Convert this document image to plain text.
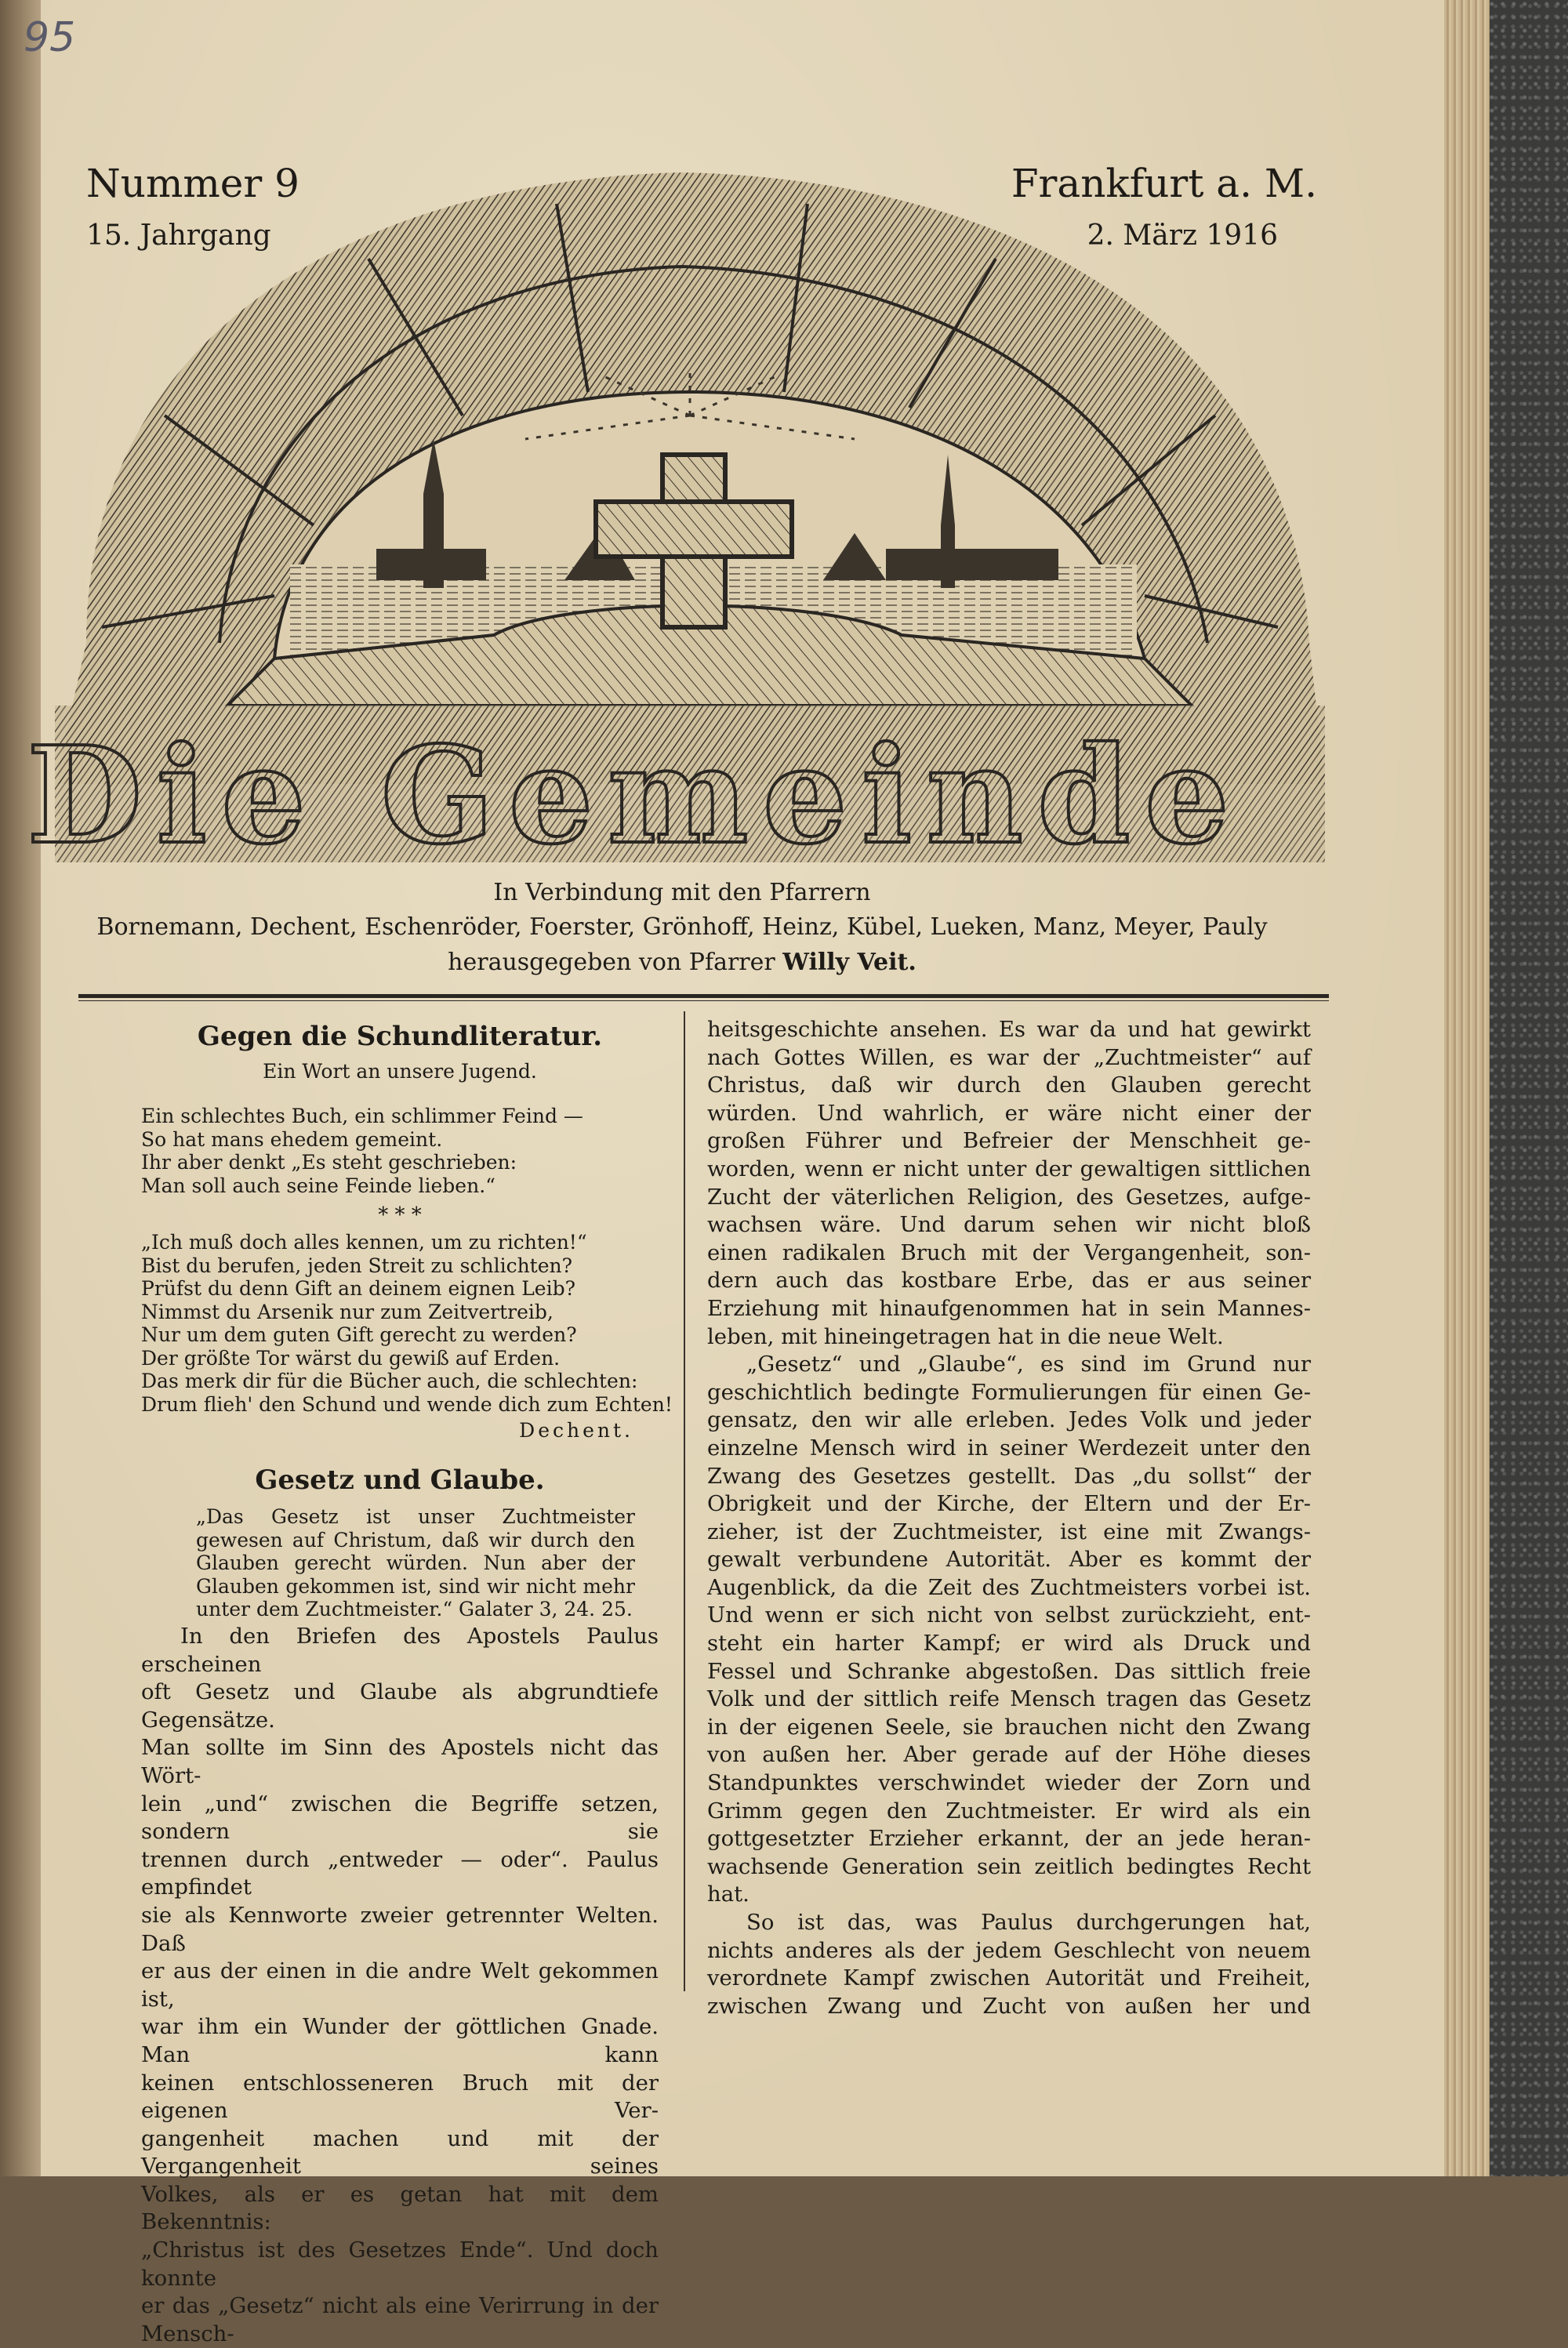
95
Die Gemeinde
Nummer 9
15. Jahrgang
Frankfurt a. M.
2. März 1916
In Verbindung mit den Pfarrern
Bornemann, Dechent, Eschenröder, Foerster, Grönhoff, Heinz, Kübel, Lueken, Manz, Meyer, Pauly
herausgegeben von Pfarrer Willy Veit.
Gegen die Schundliteratur.
Ein Wort an unsere Jugend.
Ein schlechtes Buch, ein schlimmer Feind —
So hat mans ehedem gemeint.
Ihr aber denkt „Es steht geschrieben:
Man soll auch seine Feinde lieben.“
* * *
„Ich muß doch alles kennen, um zu richten!“
Bist du berufen, jeden Streit zu schlichten?
Prüfst du denn Gift an deinem eignen Leib?
Nimmst du Arsenik nur zum Zeitvertreib,
Nur um dem guten Gift gerecht zu werden?
Der größte Tor wärst du gewiß auf Erden.
Das merk dir für die Bücher auch, die schlechten:
Drum flieh' den Schund und wende dich zum Echten!
Dechent.
Gesetz und Glaube.
„Das Gesetz ist unser Zuchtmeister gewesen auf Christum, daß wir durch den Glauben gerecht würden. Nun aber der Glauben gekommen ist, sind wir nicht mehr unter dem Zuchtmeister.“ Galater 3, 24. 25.
In den Briefen des Apostels Paulus erscheinen
oft Gesetz und Glaube als abgrundtiefe Gegensätze.
Man sollte im Sinn des Apostels nicht das Wört-
lein „und“ zwischen die Begriffe setzen, sondern sie
trennen durch „entweder — oder“. Paulus empfindet
sie als Kennworte zweier getrennter Welten. Daß
er aus der einen in die andre Welt gekommen ist,
war ihm ein Wunder der göttlichen Gnade. Man kann
keinen entschlosseneren Bruch mit der eigenen Ver-
gangenheit machen und mit der Vergangenheit seines
Volkes, als er es getan hat mit dem Bekenntnis:
„Christus ist des Gesetzes Ende“. Und doch konnte
er das „Gesetz“ nicht als eine Verirrung in der Mensch-
heitsgeschichte ansehen. Es war da und hat gewirkt
nach Gottes Willen, es war der „Zuchtmeister“ auf
Christus, daß wir durch den Glauben gerecht
würden. Und wahrlich, er wäre nicht einer der
großen Führer und Befreier der Menschheit ge-
worden, wenn er nicht unter der gewaltigen sittlichen
Zucht der väterlichen Religion, des Gesetzes, aufge-
wachsen wäre. Und darum sehen wir nicht bloß
einen radikalen Bruch mit der Vergangenheit, son-
dern auch das kostbare Erbe, das er aus seiner
Erziehung mit hinaufgenommen hat in sein Mannes-
leben, mit hineingetragen hat in die neue Welt.
„Gesetz“ und „Glaube“, es sind im Grund nur
geschichtlich bedingte Formulierungen für einen Ge-
gensatz, den wir alle erleben. Jedes Volk und jeder
einzelne Mensch wird in seiner Werdezeit unter den
Zwang des Gesetzes gestellt. Das „du sollst“ der
Obrigkeit und der Kirche, der Eltern und der Er-
zieher, ist der Zuchtmeister, ist eine mit Zwangs-
gewalt verbundene Autorität. Aber es kommt der
Augenblick, da die Zeit des Zuchtmeisters vorbei ist.
Und wenn er sich nicht von selbst zurückzieht, ent-
steht ein harter Kampf; er wird als Druck und
Fessel und Schranke abgestoßen. Das sittlich freie
Volk und der sittlich reife Mensch tragen das Gesetz
in der eigenen Seele, sie brauchen nicht den Zwang
von außen her. Aber gerade auf der Höhe dieses
Standpunktes verschwindet wieder der Zorn und
Grimm gegen den Zuchtmeister. Er wird als ein
gottgesetzter Erzieher erkannt, der an jede heran-
wachsende Generation sein zeitlich bedingtes Recht hat.
So ist das, was Paulus durchgerungen hat,
nichts anderes als der jedem Geschlecht von neuem
verordnete Kampf zwischen Autorität und Freiheit,
zwischen Zwang und Zucht von außen her und
